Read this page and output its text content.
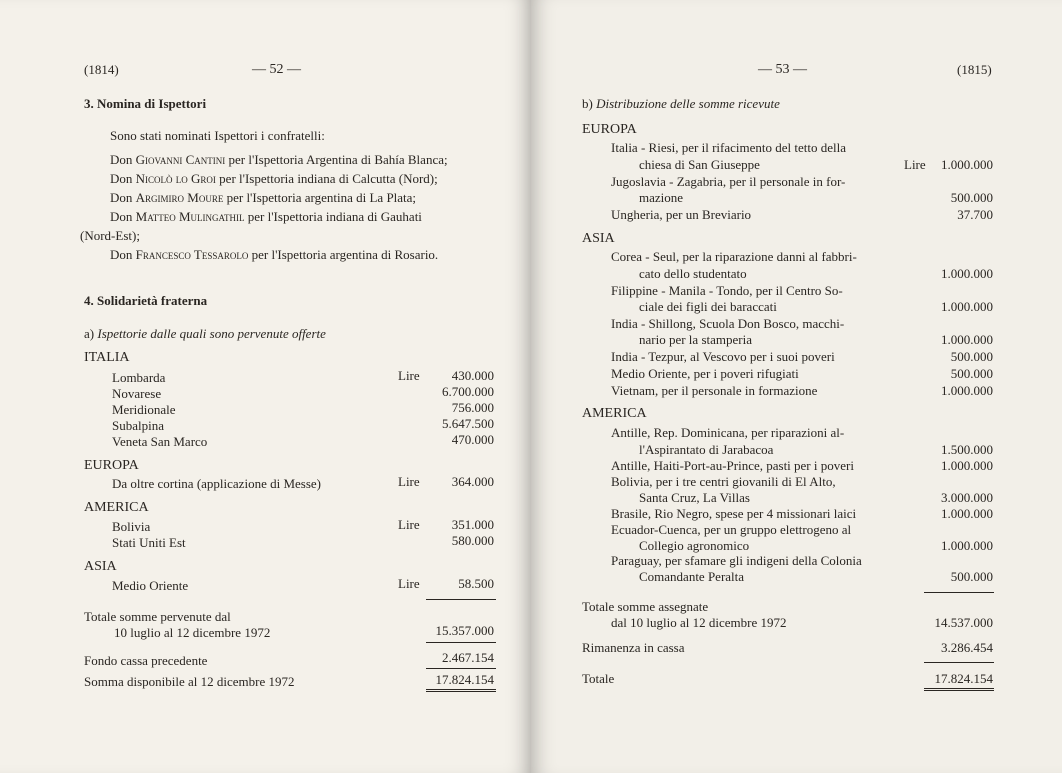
(1814)	— 52 —
3. Nomina di Ispettori
Sono stati nominati Ispettori i confratelli:
Don Giovanni Cantini per l'Ispettoria Argentina di Bahía Blanca;
Don Nicolò lo Groi per l'Ispettoria indiana di Calcutta (Nord);
Don Argimiro Moure per l'Ispettoria argentina di La Plata;
Don Matteo Mulingathil per l'Ispettoria indiana di Gauhati
(Nord-Est);
Don Francesco Tessarolo per l'Ispettoria argentina di Rosario.
4. Solidarietà fraterna
a) Ispettorie dalle quali sono pervenute offerte
ITALIA
Lire
Lombarda	430.000
Novarese	6.700.000
Meridionale	756.000
Subalpina	5.647.500
Veneta San Marco	470.000
EUROPA
Da oltre cortina (applicazione di Messe)	Lire	364.000
AMERICA
Lire
Bolivia	351.000
Stati Uniti Est	580.000
ASIA
Medio Oriente	Lire	58.500
Totale somme pervenute dal
10 luglio al 12 dicembre 1972	15.357.000
Fondo cassa precedente	2.467.154
Somma disponibile al 12 dicembre 1972	17.824.154
— 53 —	(1815)
b) Distribuzione delle somme ricevute
EUROPA
Italia - Riesi, per il rifacimento del tetto della
chiesa di San Giuseppe	Lire	1.000.000
Jugoslavia - Zagabria, per il personale in for-
mazione	500.000
Ungheria, per un Breviario	37.700
ASIA
Corea - Seul, per la riparazione danni al fabbri-
cato dello studentato	1.000.000
Filippine - Manila - Tondo, per il Centro So-
ciale dei figli dei baraccati	1.000.000
India - Shillong, Scuola Don Bosco, macchi-
nario per la stamperia	1.000.000
India - Tezpur, al Vescovo per i suoi poveri	500.000
Medio Oriente, per i poveri rifugiati	500.000
Vietnam, per il personale in formazione	1.000.000
AMERICA
Antille, Rep. Dominicana, per riparazioni al-
l'Aspirantato di Jarabacoa	1.500.000
Antille, Haiti-Port-au-Prince, pasti per i poveri	1.000.000
Bolivia, per i tre centri giovanili di El Alto,
Santa Cruz, La Villas	3.000.000
Brasile, Rio Negro, spese per 4 missionari laici	1.000.000
Ecuador-Cuenca, per un gruppo elettrogeno al
Collegio agronomico	1.000.000
Paraguay, per sfamare gli indigeni della Colonia
Comandante Peralta	500.000
Totale somme assegnate
dal 10 luglio al 12 dicembre 1972	14.537.000
Rimanenza in cassa	3.286.454
Totale	17.824.154
